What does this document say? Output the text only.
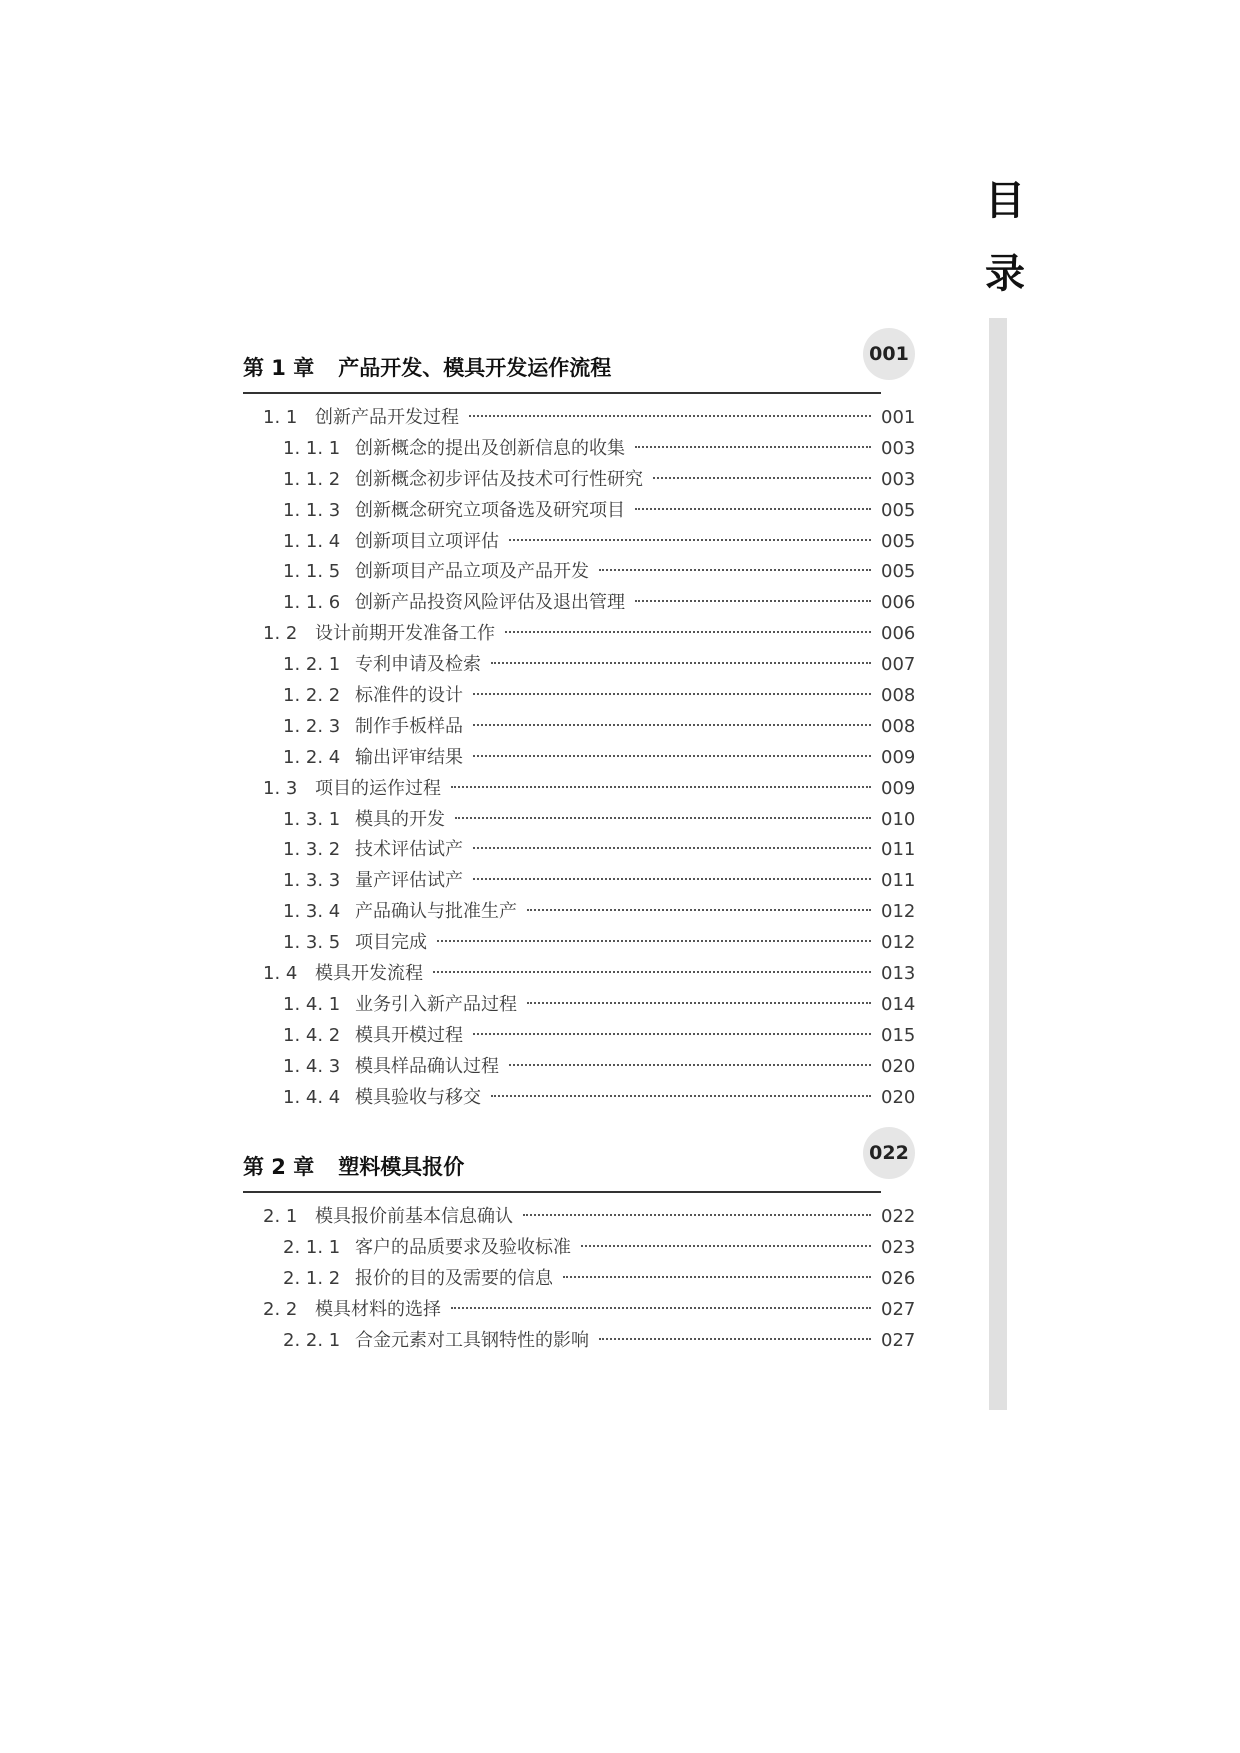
目
录
第 1 章 产品开发、模具开发运作流程
001
1. 1 创新产品开发过程	001
1. 1. 1 创新概念的提出及创新信息的收集	003
1. 1. 2 创新概念初步评估及技术可行性研究	003
1. 1. 3 创新概念研究立项备选及研究项目	005
1. 1. 4 创新项目立项评估	005
1. 1. 5 创新项目产品立项及产品开发	005
1. 1. 6 创新产品投资风险评估及退出管理	006
1. 2 设计前期开发准备工作	006
1. 2. 1 专利申请及检索	007
1. 2. 2 标准件的设计	008
1. 2. 3 制作手板样品	008
1. 2. 4 输出评审结果	009
1. 3 项目的运作过程	009
1. 3. 1 模具的开发	010
1. 3. 2 技术评估试产	011
1. 3. 3 量产评估试产	011
1. 3. 4 产品确认与批准生产	012
1. 3. 5 项目完成	012
1. 4 模具开发流程	013
1. 4. 1 业务引入新产品过程	014
1. 4. 2 模具开模过程	015
1. 4. 3 模具样品确认过程	020
1. 4. 4 模具验收与移交	020
第 2 章 塑料模具报价
022
2. 1 模具报价前基本信息确认	022
2. 1. 1 客户的品质要求及验收标准	023
2. 1. 2 报价的目的及需要的信息	026
2. 2 模具材料的选择	027
2. 2. 1 合金元素对工具钢特性的影响	027
